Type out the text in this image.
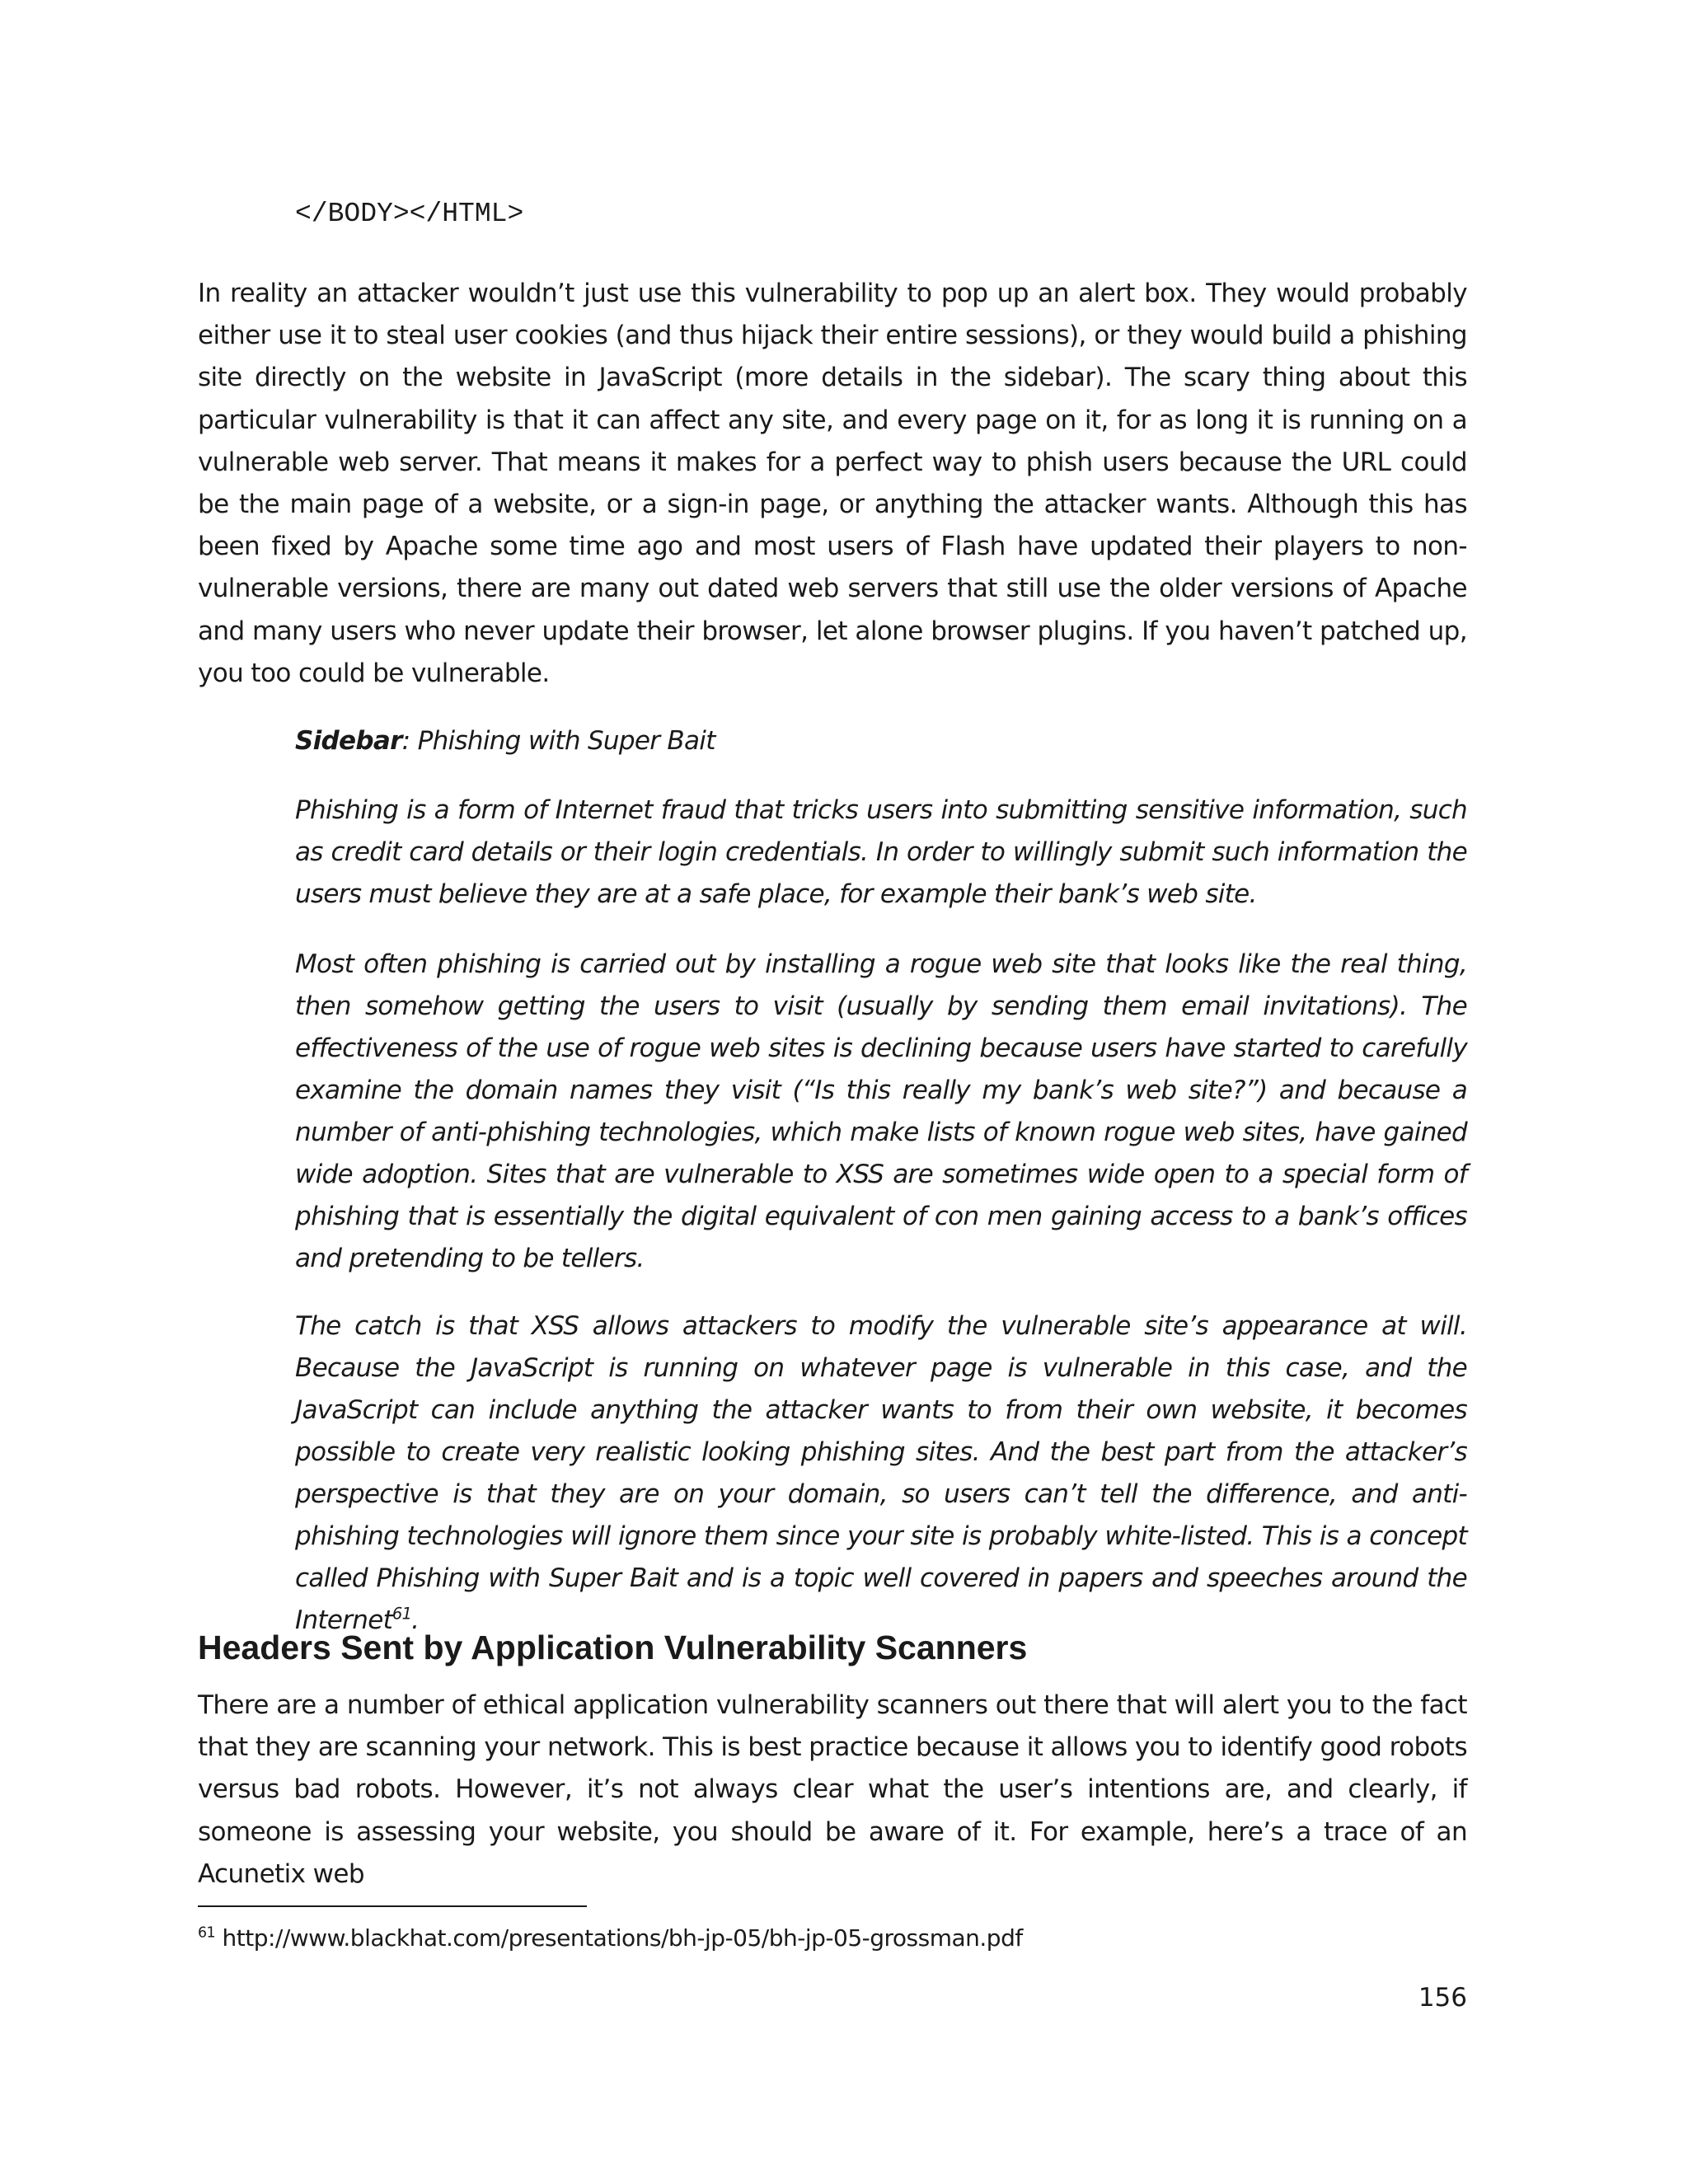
</BODY></HTML>

In reality an attacker wouldn’t just use this vulnerability to pop up an alert box. They would probably either use it to steal user cookies (and thus hijack their entire sessions), or they would build a phishing site directly on the website in JavaScript (more details in the sidebar). The scary thing about this particular vulnerability is that it can affect any site, and every page on it, for as long it is running on a vulnerable web server. That means it makes for a perfect way to phish users because the URL could be the main page of a website, or a sign-in page, or anything the attacker wants. Although this has been fixed by Apache some time ago and most users of Flash have updated their players to non-vulnerable versions, there are many out dated web servers that still use the older versions of Apache and many users who never update their browser, let alone browser plugins. If you haven’t patched up, you too could be vulnerable.

Sidebar: Phishing with Super Bait

Phishing is a form of Internet fraud that tricks users into submitting sensitive information, such as credit card details or their login credentials. In order to willingly submit such information the users must believe they are at a safe place, for example their bank’s web site.

Most often phishing is carried out by installing a rogue web site that looks like the real thing, then somehow getting the users to visit (usually by sending them email invitations). The effectiveness of the use of rogue web sites is declining because users have started to carefully examine the domain names they visit (“Is this really my bank’s web site?”) and because a number of anti-phishing technologies, which make lists of known rogue web sites, have gained wide adoption. Sites that are vulnerable to XSS are sometimes wide open to a special form of phishing that is essentially the digital equivalent of con men gaining access to a bank’s offices and pretending to be tellers.

The catch is that XSS allows attackers to modify the vulnerable site’s appearance at will. Because the JavaScript is running on whatever page is vulnerable in this case, and the JavaScript can include anything the attacker wants to from their own website, it becomes possible to create very realistic looking phishing sites. And the best part from the attacker’s perspective is that they are on your domain, so users can’t tell the difference, and anti-phishing technologies will ignore them since your site is probably white-listed. This is a concept called Phishing with Super Bait and is a topic well covered in papers and speeches around the Internet$^{61}$.

Headers Sent by Application Vulnerability Scanners

There are a number of ethical application vulnerability scanners out there that will alert you to the fact that they are scanning your network. This is best practice because it allows you to identify good robots versus bad robots. However, it’s not always clear what the user’s intentions are, and clearly, if someone is assessing your website, you should be aware of it. For example, here’s a trace of an Acunetix web

$^{61}$ http://www.blackhat.com/presentations/bh-jp-05/bh-jp-05-grossman.pdf

156
